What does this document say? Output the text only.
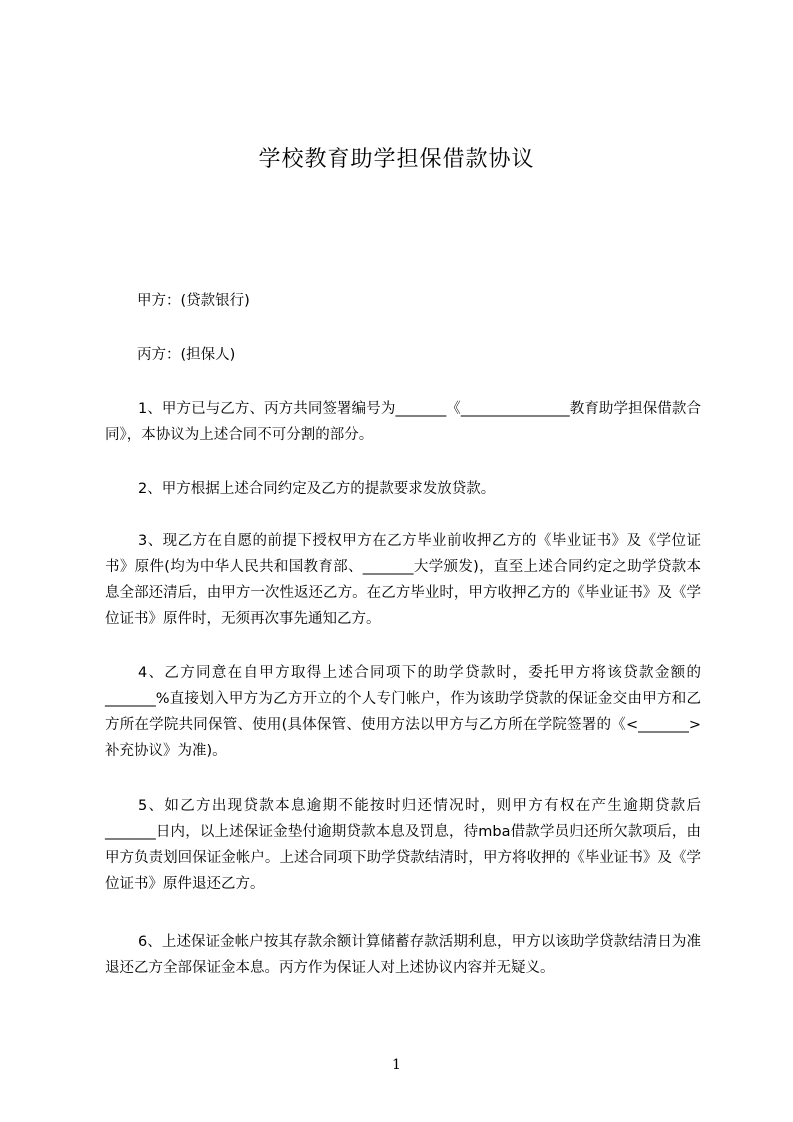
学校教育助学担保借款协议
甲方：(贷款银行)
丙方：(担保人)

1、甲方已与乙方、丙方共同签署编号为_______《_______________教育助学担保借款合同》，本协议为上述合同不可分割的部分。

2、甲方根据上述合同约定及乙方的提款要求发放贷款。

3、现乙方在自愿的前提下授权甲方在乙方毕业前收押乙方的《毕业证书》及《学位证书》原件(均为中华人民共和国教育部、_______大学颁发)，直至上述合同约定之助学贷款本息全部还清后，由甲方一次性返还乙方。在乙方毕业时，甲方收押乙方的《毕业证书》及《学位证书》原件时，无须再次事先通知乙方。

4、乙方同意在自甲方取得上述合同项下的助学贷款时，委托甲方将该贷款金额的_______%直接划入甲方为乙方开立的个人专门帐户，作为该助学贷款的保证金交由甲方和乙方所在学院共同保管、使用(具体保管、使用方法以甲方与乙方所在学院签署的《<_______>补充协议》为准)。

5、如乙方出现贷款本息逾期不能按时归还情况时，则甲方有权在产生逾期贷款后_______日内，以上述保证金垫付逾期贷款本息及罚息，待mba借款学员归还所欠款项后，由甲方负责划回保证金帐户。上述合同项下助学贷款结清时，甲方将收押的《毕业证书》及《学位证书》原件退还乙方。

6、上述保证金帐户按其存款余额计算储蓄存款活期利息，甲方以该助学贷款结清日为准退还乙方全部保证金本息。丙方作为保证人对上述协议内容并无疑义。

1
